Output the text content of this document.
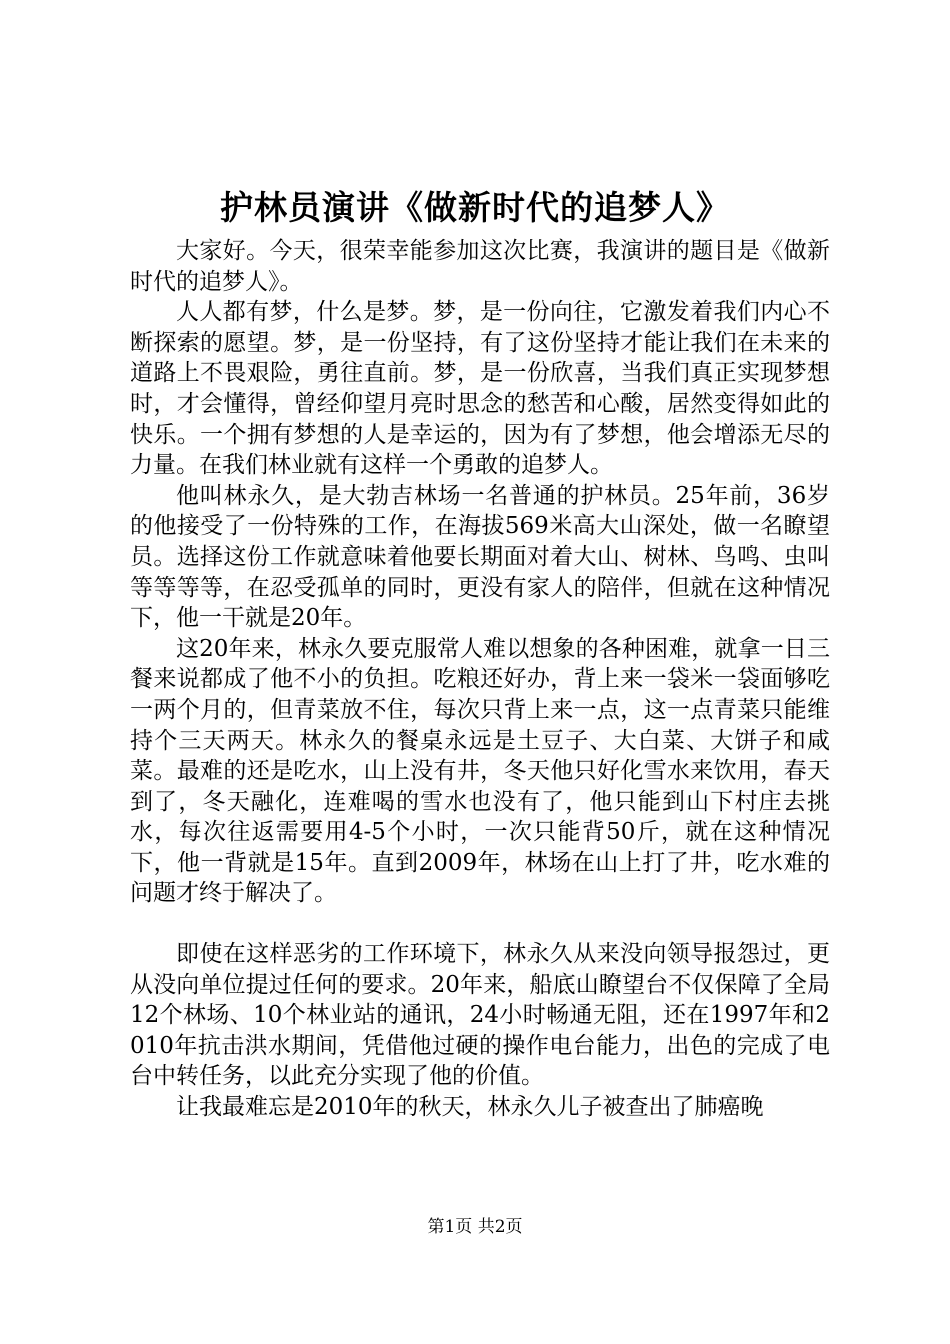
护林员演讲《做新时代的追梦人》

大家好。今天，很荣幸能参加这次比赛，我演讲的题目是《做新时代的追梦人》。

人人都有梦，什么是梦。梦，是一份向往，它激发着我们内心不断探索的愿望。梦，是一份坚持，有了这份坚持才能让我们在未来的道路上不畏艰险，勇往直前。梦，是一份欣喜，当我们真正实现梦想时，才会懂得，曾经仰望月亮时思念的愁苦和心酸，居然变得如此的快乐。一个拥有梦想的人是幸运的，因为有了梦想，他会增添无尽的力量。在我们林业就有这样一个勇敢的追梦人。

他叫林永久，是大勃吉林场一名普通的护林员。25年前，36岁的他接受了一份特殊的工作，在海拔569米高大山深处，做一名瞭望员。选择这份工作就意味着他要长期面对着大山、树林、鸟鸣、虫叫等等等等，在忍受孤单的同时，更没有家人的陪伴，但就在这种情况下，他一干就是20年。

这20年来，林永久要克服常人难以想象的各种困难，就拿一日三餐来说都成了他不小的负担。吃粮还好办，背上来一袋米一袋面够吃一两个月的，但青菜放不住，每次只背上来一点，这一点青菜只能维持个三天两天。林永久的餐桌永远是土豆子、大白菜、大饼子和咸菜。最难的还是吃水，山上没有井，冬天他只好化雪水来饮用，春天到了，冬天融化，连难喝的雪水也没有了，他只能到山下村庄去挑水，每次往返需要用4-5个小时，一次只能背50斤，就在这种情况下，他一背就是15年。直到2009年，林场在山上打了井，吃水难的问题才终于解决了。

即使在这样恶劣的工作环境下，林永久从来没向领导报怨过，更从没向单位提过任何的要求。20年来，船底山瞭望台不仅保障了全局12个林场、10个林业站的通讯，24小时畅通无阻，还在1997年和2010年抗击洪水期间，凭借他过硬的操作电台能力，出色的完成了电台中转任务，以此充分实现了他的价值。

让我最难忘是2010年的秋天，林永久儿子被查出了肺癌晚

第1页 共2页
